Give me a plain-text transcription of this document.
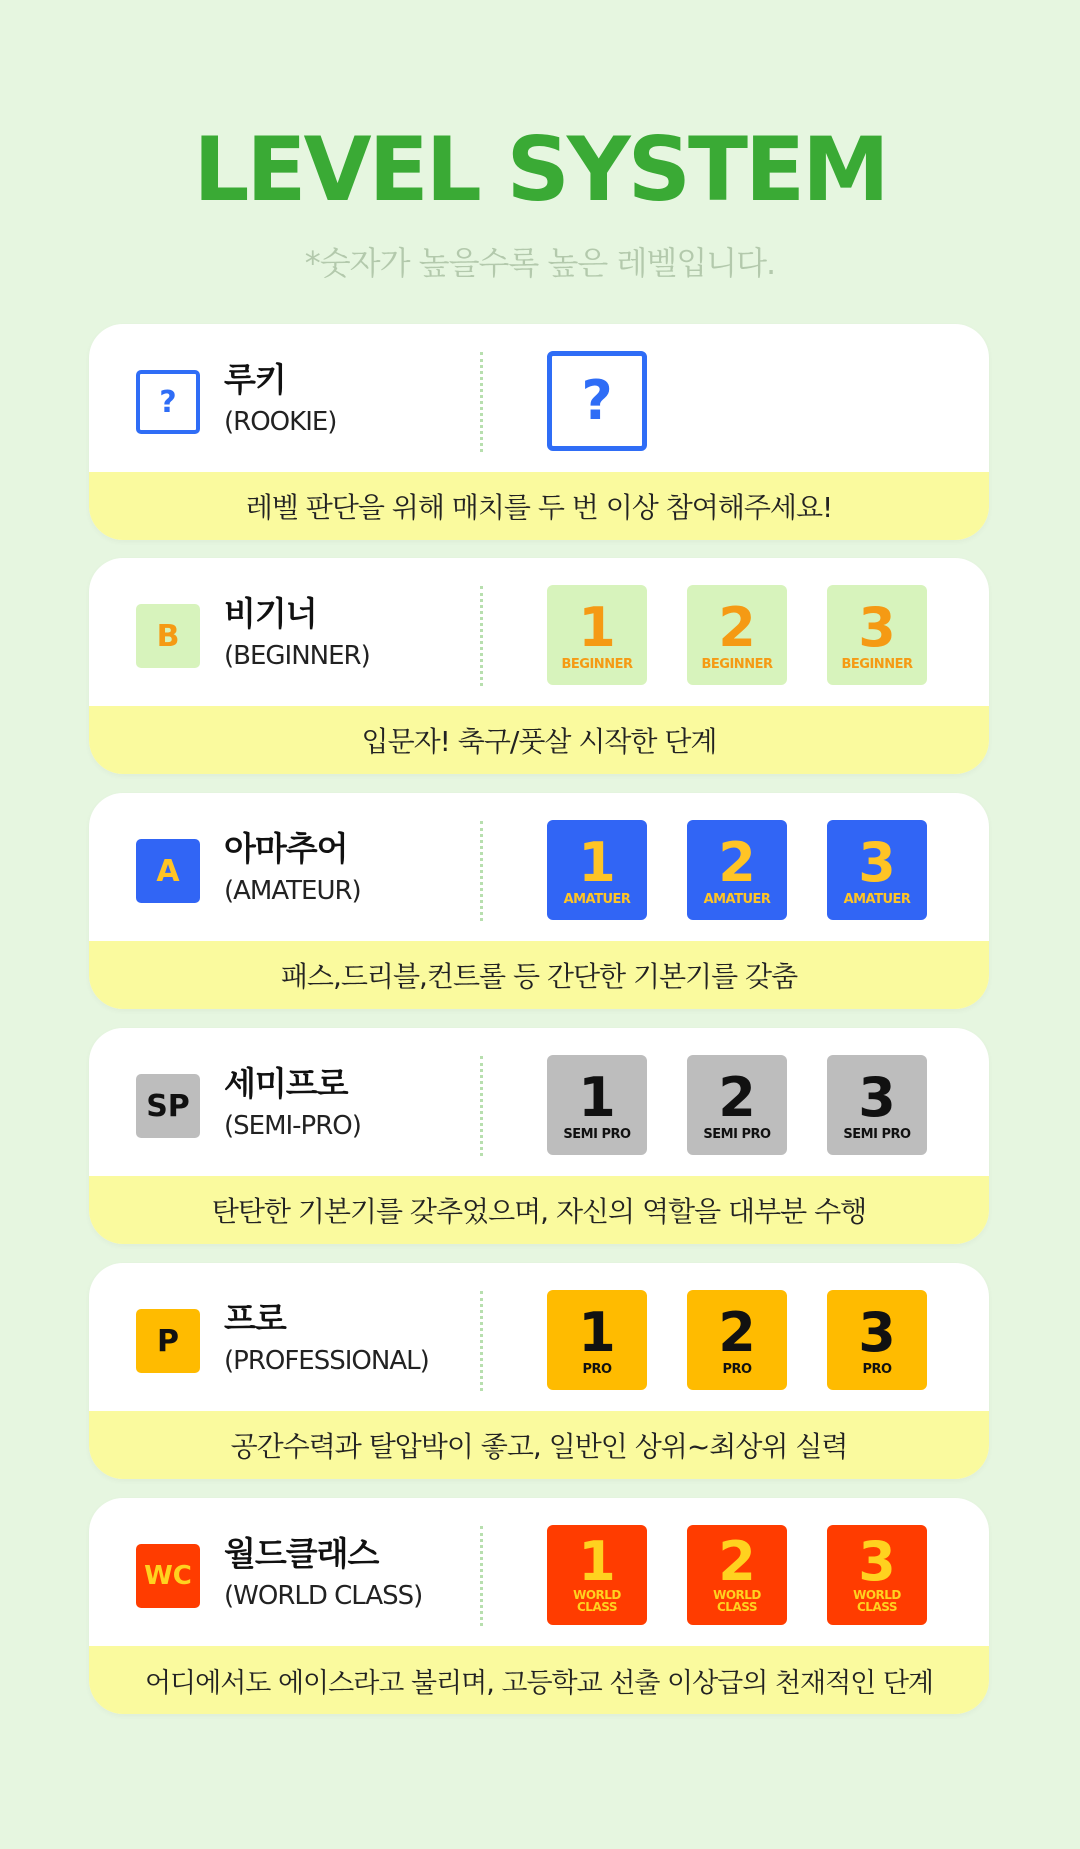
LEVEL SYSTEM
*숫자가 높을수록 높은 레벨입니다.
?
루키
(ROOKIE)	?
레벨 판단을 위해 매치를 두 번 이상 참여해주세요!
B
비기너
(BEGINNER)	1
BEGINNER
2
BEGINNER
3
BEGINNER
입문자! 축구/풋살 시작한 단계
A
아마추어
(AMATEUR)	1
AMATUER
2
AMATUER
3
AMATUER
패스,드리블,컨트롤 등 간단한 기본기를 갖춤
SP
세미프로
(SEMI-PRO)	1
SEMI PRO
2
SEMI PRO
3
SEMI PRO
탄탄한 기본기를 갖추었으며, 자신의 역할을 대부분 수행
P
프로
(PROFESSIONAL)	1
PRO
2
PRO
3
PRO
공간수력과 탈압박이 좋고, 일반인 상위~최상위 실력
WC
월드클래스
(WORLD CLASS)
1
WORLD
CLASS
2
WORLD
CLASS
3
WORLD
CLASS
어디에서도 에이스라고 불리며, 고등학교 선출 이상급의 천재적인 단계
